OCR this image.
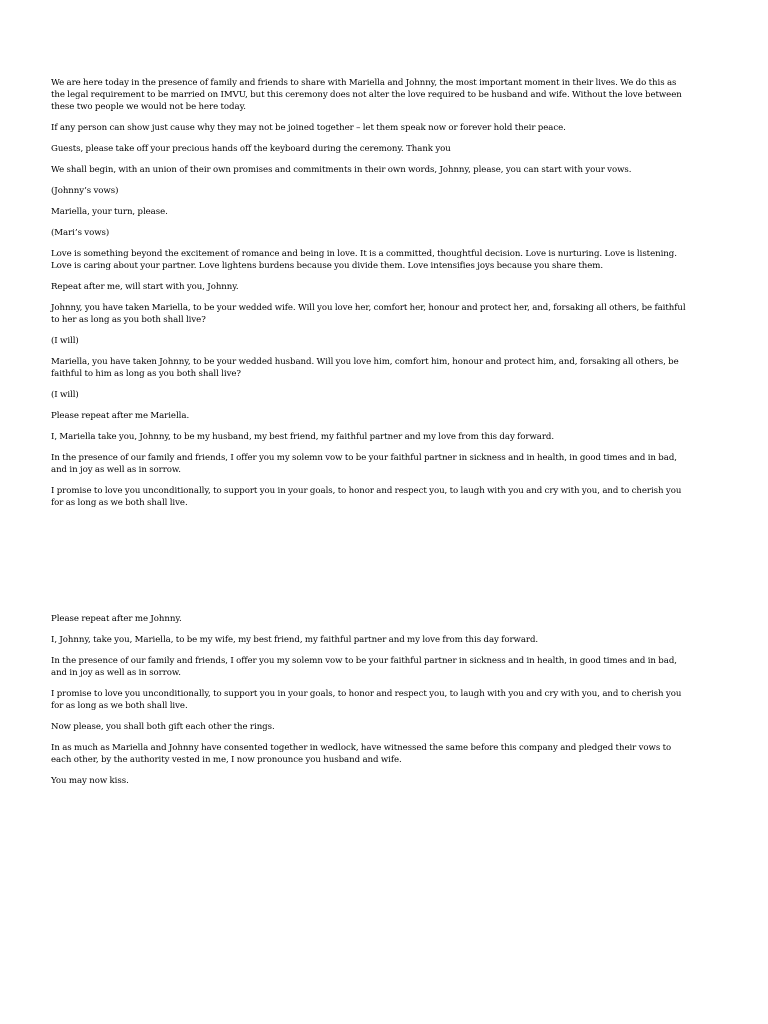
We are here today in the presence of family and friends to share with Mariella and Johnny, the most important moment in their lives. We do this as the legal requirement to be married on IMVU, but this ceremony does not alter the love required to be husband and wife. Without the love between these two people we would not be here today.

If any person can show just cause why they may not be joined together – let them speak now or forever hold their peace.

Guests, please take off your precious hands off the keyboard during the ceremony. Thank you

We shall begin, with an union of their own promises and commitments in their own words, Johnny, please, you can start with your vows.

(Johnny’s vows)

Mariella, your turn, please.

(Mari’s vows)

Love is something beyond the excitement of romance and being in love. It is a committed, thoughtful decision. Love is nurturing. Love is listening. Love is caring about your partner. Love lightens burdens because you divide them. Love intensifies joys because you share them.

Repeat after me, will start with you, Johnny.

Johnny, you have taken Mariella, to be your wedded wife. Will you love her, comfort her, honour and protect her, and, forsaking all others, be faithful to her as long as you both shall live?

(I will)

Mariella, you have taken Johnny, to be your wedded husband. Will you love him, comfort him, honour and protect him, and, forsaking all others, be faithful to him as long as you both shall live?

(I will)

Please repeat after me Mariella.

I, Mariella take you, Johnny, to be my husband, my best friend, my faithful partner and my love from this day forward.

In the presence of our family and friends, I offer you my solemn vow to be your faithful partner in sickness and in health, in good times and in bad, and in joy as well as in sorrow.

I promise to love you unconditionally, to support you in your goals, to honor and respect you, to laugh with you and cry with you, and to cherish you for as long as we both shall live.

Please repeat after me Johnny.

I, Johnny, take you, Mariella, to be my wife, my best friend, my faithful partner and my love from this day forward.

In the presence of our family and friends, I offer you my solemn vow to be your faithful partner in sickness and in health, in good times and in bad, and in joy as well as in sorrow.

I promise to love you unconditionally, to support you in your goals, to honor and respect you, to laugh with you and cry with you, and to cherish you for as long as we both shall live.

Now please, you shall both gift each other the rings.

In as much as Mariella and Johnny have consented together in wedlock, have witnessed the same before this company and pledged their vows to each other, by the authority vested in me, I now pronounce you husband and wife.

You may now kiss.
